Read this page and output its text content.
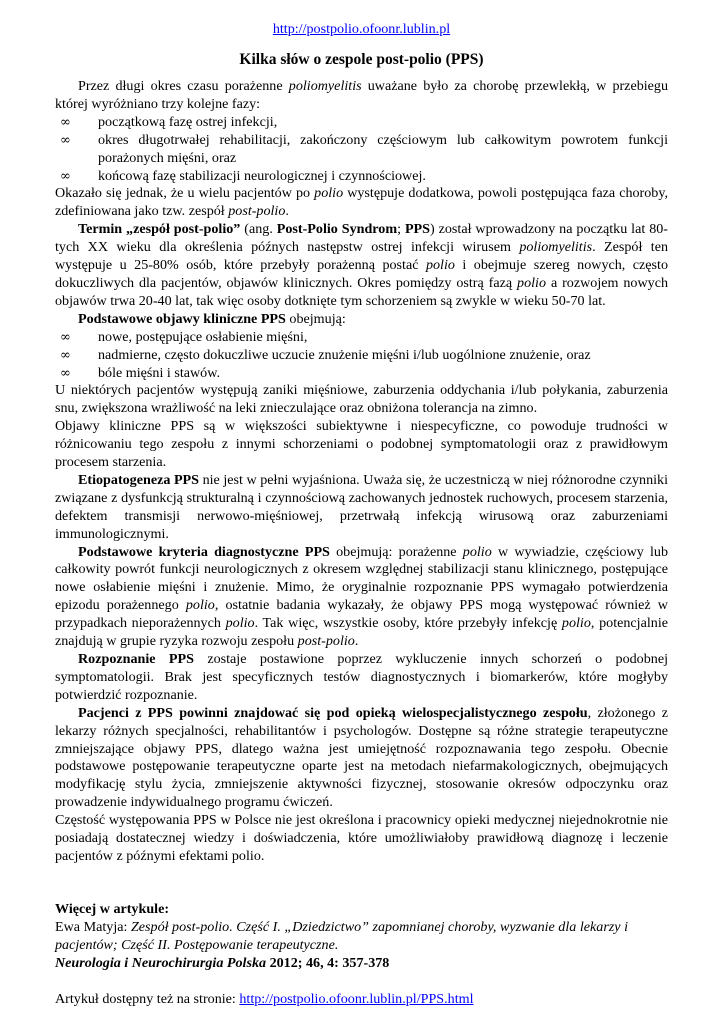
http://postpolio.ofoonr.lublin.pl
Kilka słów o zespole post-polio (PPS)

Przez długi okres czasu porażenne poliomyelitis uważane było za chorobę przewlekłą, w przebiegu której wyróżniano trzy kolejne fazy:

∞ początkową fazę ostrej infekcji,
∞ okres długotrwałej rehabilitacji, zakończony częściowym lub całkowitym powrotem funkcji porażonych mięśni, oraz
∞ końcową fazę stabilizacji neurologicznej i czynnościowej.

Okazało się jednak, że u wielu pacjentów po polio występuje dodatkowa, powoli postępująca faza choroby, zdefiniowana jako tzw. zespół post-polio.

Termin „zespół post-polio” (ang. Post-Polio Syndrom; PPS) został wprowadzony na początku lat 80-tych XX wieku dla określenia późnych następstw ostrej infekcji wirusem poliomyelitis. Zespół ten występuje u 25-80% osób, które przebyły porażenną postać polio i obejmuje szereg nowych, często dokuczliwych dla pacjentów, objawów klinicznych. Okres pomiędzy ostrą fazą polio a rozwojem nowych objawów trwa 20-40 lat, tak więc osoby dotknięte tym schorzeniem są zwykle w wieku 50-70 lat.

Podstawowe objawy kliniczne PPS obejmują:

∞ nowe, postępujące osłabienie mięśni,
∞ nadmierne, często dokuczliwe uczucie znużenie mięśni i/lub uogólnione znużenie, oraz
∞ bóle mięśni i stawów.

U niektórych pacjentów występują zaniki mięśniowe, zaburzenia oddychania i/lub połykania, zaburzenia snu, zwiększona wrażliwość na leki znieczulające oraz obniżona tolerancja na zimno.

Objawy kliniczne PPS są w większości subiektywne i niespecyficzne, co powoduje trudności w różnicowaniu tego zespołu z innymi schorzeniami o podobnej symptomatologii oraz z prawidłowym procesem starzenia.

Etiopatogeneza PPS nie jest w pełni wyjaśniona. Uważa się, że uczestniczą w niej różnorodne czynniki związane z dysfunkcją strukturalną i czynnościową zachowanych jednostek ruchowych, procesem starzenia, defektem transmisji nerwowo-mięśniowej, przetrwałą infekcją wirusową oraz zaburzeniami immunologicznymi.

Podstawowe kryteria diagnostyczne PPS obejmują: porażenne polio w wywiadzie, częściowy lub całkowity powrót funkcji neurologicznych z okresem względnej stabilizacji stanu klinicznego, postępujące nowe osłabienie mięśni i znużenie. Mimo, że oryginalnie rozpoznanie PPS wymagało potwierdzenia epizodu porażennego polio, ostatnie badania wykazały, że objawy PPS mogą występować również w przypadkach nieporażennych polio. Tak więc, wszystkie osoby, które przebyły infekcję polio, potencjalnie znajdują w grupie ryzyka rozwoju zespołu post-polio.

Rozpoznanie PPS zostaje postawione poprzez wykluczenie innych schorzeń o podobnej symptomatologii. Brak jest specyficznych testów diagnostycznych i biomarkerów, które mogłyby potwierdzić rozpoznanie.

Pacjenci z PPS powinni znajdować się pod opieką wielospecjalistycznego zespołu, złożonego z lekarzy różnych specjalności, rehabilitantów i psychologów. Dostępne są różne strategie terapeutyczne zmniejszające objawy PPS, dlatego ważna jest umiejętność rozpoznawania tego zespołu. Obecnie podstawowe postępowanie terapeutyczne oparte jest na metodach niefarmakologicznych, obejmujących modyfikację stylu życia, zmniejszenie aktywności fizycznej, stosowanie okresów odpoczynku oraz prowadzenie indywidualnego programu ćwiczeń.

Częstość występowania PPS w Polsce nie jest określona i pracownicy opieki medycznej niejednokrotnie nie posiadają dostatecznej wiedzy i doświadczenia, które umożliwiałoby prawidłową diagnozę i leczenie pacjentów z późnymi efektami polio.

Więcej w artykule:

Ewa Matyja: Zespół post-polio. Część I. „Dziedzictwo” zapomnianej choroby, wyzwanie dla lekarzy i pacjentów; Część II. Postępowanie terapeutyczne.
Neurologia i Neurochirurgia Polska 2012; 46, 4: 357-378

Artykuł dostępny też na stronie: http://postpolio.ofoonr.lublin.pl/PPS.html
